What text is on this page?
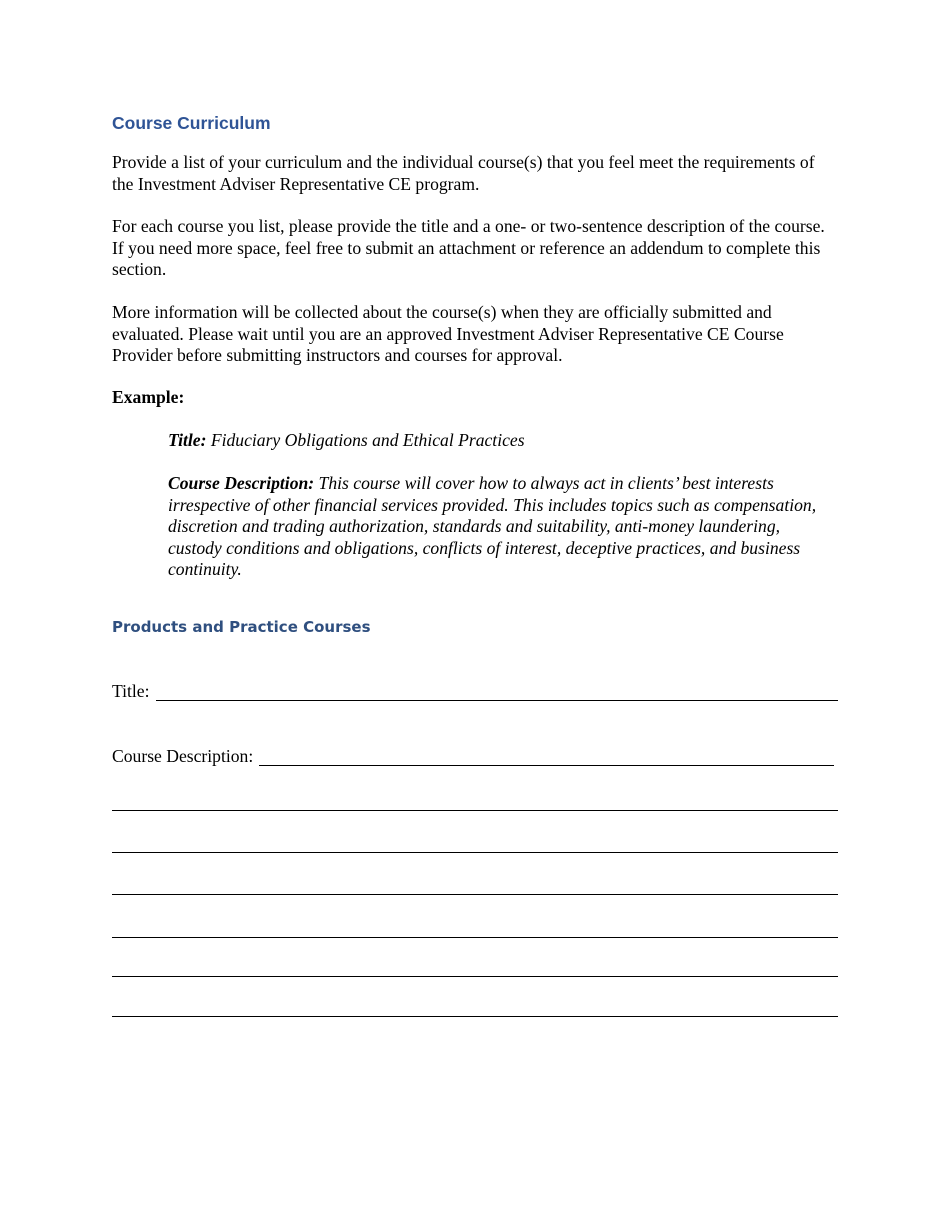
Course Curriculum

Provide a list of your curriculum and the individual course(s) that you feel meet the requirements of the Investment Adviser Representative CE program.

For each course you list, please provide the title and a one- or two-sentence description of the course. If you need more space, feel free to submit an attachment or reference an addendum to complete this section.

More information will be collected about the course(s) when they are officially submitted and evaluated. Please wait until you are an approved Investment Adviser Representative CE Course Provider before submitting instructors and courses for approval.

Example:

Title: Fiduciary Obligations and Ethical Practices

Course Description: This course will cover how to always act in clients’ best interests irrespective of other financial services provided. This includes topics such as compensation, discretion and trading authorization, standards and suitability, anti-money laundering, custody conditions and obligations, conflicts of interest, deceptive practices, and business continuity.

Products and Practice Courses
Title:
Course Description:
